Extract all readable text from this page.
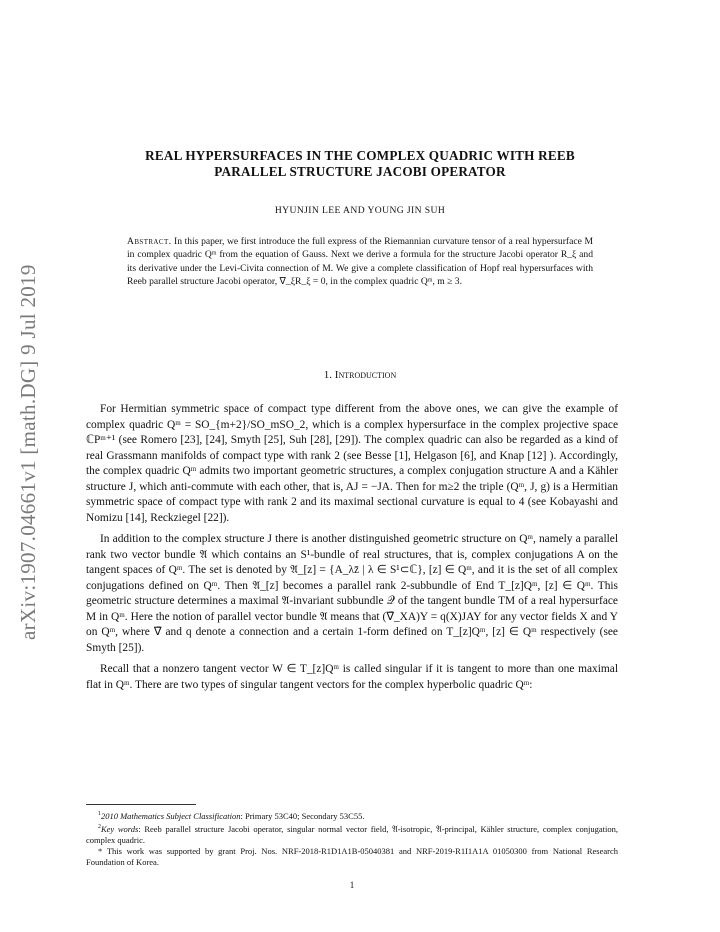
arXiv:1907.04661v1 [math.DG] 9 Jul 2019
REAL HYPERSURFACES IN THE COMPLEX QUADRIC WITH REEB
PARALLEL STRUCTURE JACOBI OPERATOR
HYUNJIN LEE AND YOUNG JIN SUH
Abstract. In this paper, we first introduce the full express of the Riemannian curvature tensor of a real hypersurface M in complex quadric Qᵐ from the equation of Gauss. Next we derive a formula for the structure Jacobi operator R_ξ and its derivative under the Levi-Civita connection of M. We give a complete classification of Hopf real hypersurfaces with Reeb parallel structure Jacobi operator, ∇_ξR_ξ = 0, in the complex quadric Qᵐ, m ≥ 3.
1. Introduction

For Hermitian symmetric space of compact type different from the above ones, we can give the example of complex quadric Qᵐ = SO_{m+2}/SO_mSO_2, which is a complex hypersurface in the complex projective space ℂPᵐ⁺¹ (see Romero [23], [24], Smyth [25], Suh [28], [29]). The complex quadric can also be regarded as a kind of real Grassmann manifolds of compact type with rank 2 (see Besse [1], Helgason [6], and Knap [12] ). Accordingly, the complex quadric Qᵐ admits two important geometric structures, a complex conjugation structure A and a Kähler structure J, which anti-commute with each other, that is, AJ = −JA. Then for m≥2 the triple (Qᵐ, J, g) is a Hermitian symmetric space of compact type with rank 2 and its maximal sectional curvature is equal to 4 (see Kobayashi and Nomizu [14], Reckziegel [22]).

In addition to the complex structure J there is another distinguished geometric structure on Qᵐ, namely a parallel rank two vector bundle 𝔄 which contains an S¹-bundle of real structures, that is, complex conjugations A on the tangent spaces of Qᵐ. The set is denoted by 𝔄_[z] = {A_λz̄ | λ ∈ S¹⊂ℂ}, [z] ∈ Qᵐ, and it is the set of all complex conjugations defined on Qᵐ. Then 𝔄_[z] becomes a parallel rank 2-subbundle of End T_[z]Qᵐ, [z] ∈ Qᵐ. This geometric structure determines a maximal 𝔄-invariant subbundle 𝒬 of the tangent bundle TM of a real hypersurface M in Qᵐ. Here the notion of parallel vector bundle 𝔄 means that (∇̄_XA)Y = q(X)JAY for any vector fields X and Y on Qᵐ, where ∇̄ and q denote a connection and a certain 1-form defined on T_[z]Qᵐ, [z] ∈ Qᵐ respectively (see Smyth [25]).

Recall that a nonzero tangent vector W ∈ T_[z]Qᵐ is called singular if it is tangent to more than one maximal flat in Qᵐ. There are two types of singular tangent vectors for the complex hyperbolic quadric Qᵐ:

$^1$2010 Mathematics Subject Classification: Primary 53C40; Secondary 53C55.

$^2$Key words: Reeb parallel structure Jacobi operator, singular normal vector field, 𝔄-isotropic, 𝔄-principal, Kähler structure, complex conjugation, complex quadric.

* This work was supported by grant Proj. Nos. NRF-2018-R1D1A1B-05040381 and NRF-2019-R1I1A1A 01050300 from National Research Foundation of Korea.

1
